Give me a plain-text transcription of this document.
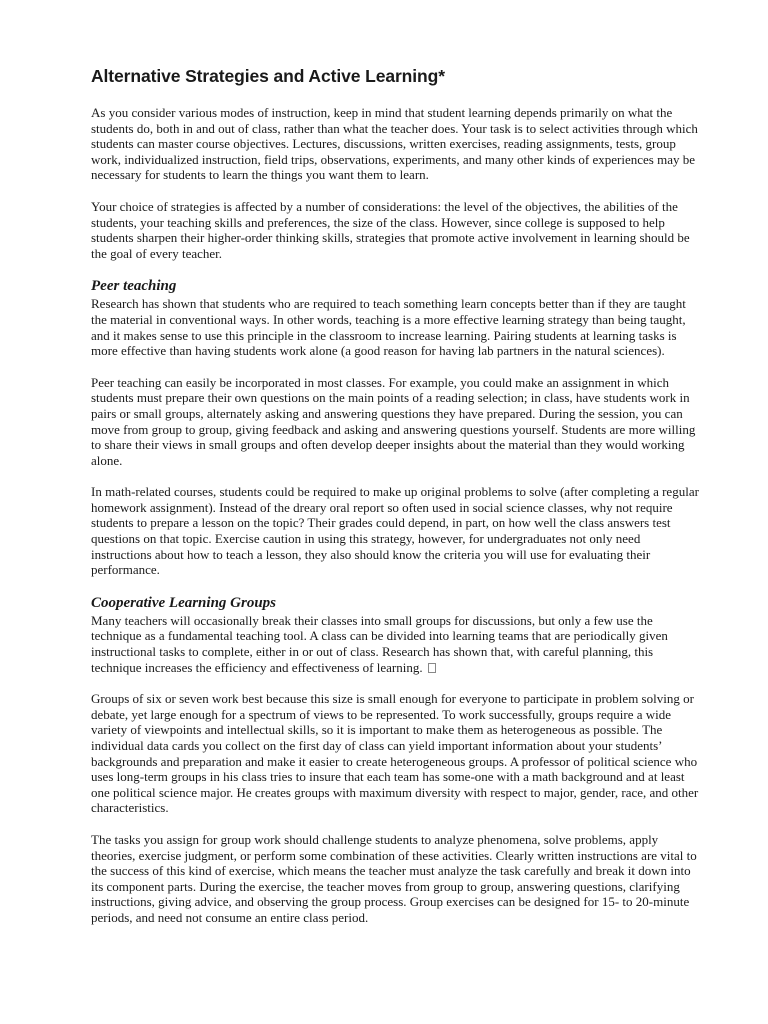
Alternative Strategies and Active Learning*

As you consider various modes of instruction, keep in mind that student learning depends primarily on what the students do, both in and out of class, rather than what the teacher does. Your task is to select activities through which students can master course objectives. Lectures, discussions, written exercises, reading assignments, tests, group work, individualized instruction, field trips, observations, experiments, and many other kinds of experiences may be necessary for students to learn the things you want them to learn.

Your choice of strategies is affected by a number of considerations: the level of the objectives, the abilities of the students, your teaching skills and preferences, the size of the class. However, since college is supposed to help students sharpen their higher-order thinking skills, strategies that promote active involvement in learning should be the goal of every teacher.

Peer teaching

Research has shown that students who are required to teach something learn concepts better than if they are taught the material in conventional ways. In other words, teaching is a more effective learning strategy than being taught, and it makes sense to use this principle in the classroom to increase learning. Pairing students at learning tasks is more effective than having students work alone (a good reason for having lab partners in the natural sciences).

Peer teaching can easily be incorporated in most classes. For example, you could make an assignment in which students must prepare their own questions on the main points of a reading selection; in class, have students work in pairs or small groups, alternately asking and answering questions they have prepared. During the session, you can move from group to group, giving feedback and asking and answering questions yourself. Students are more willing to share their views in small groups and often develop deeper insights about the material than they would working alone.

In math-related courses, students could be required to make up original problems to solve (after completing a regular homework assignment). Instead of the dreary oral report so often used in social science classes, why not require students to prepare a lesson on the topic? Their grades could depend, in part, on how well the class answers test questions on that topic. Exercise caution in using this strategy, however, for undergraduates not only need instructions about how to teach a lesson, they also should know the criteria you will use for evaluating their performance.

Cooperative Learning Groups

Many teachers will occasionally break their classes into small groups for discussions, but only a few use the technique as a fundamental teaching tool. A class can be divided into learning teams that are periodically given instructional tasks to complete, either in or out of class. Research has shown that, with careful planning, this technique increases the efficiency and effectiveness of learning.

Groups of six or seven work best because this size is small enough for everyone to participate in problem solving or debate, yet large enough for a spectrum of views to be represented. To work successfully, groups require a wide variety of viewpoints and intellectual skills, so it is important to make them as heterogeneous as possible. The individual data cards you collect on the first day of class can yield important information about your students’ backgrounds and preparation and make it easier to create heterogeneous groups. A professor of political science who uses long-term groups in his class tries to insure that each team has some-one with a math background and at least one political science major. He creates groups with maximum diversity with respect to major, gender, race, and other characteristics.

The tasks you assign for group work should challenge students to analyze phenomena, solve problems, apply theories, exercise judgment, or perform some combination of these activities. Clearly written instructions are vital to the success of this kind of exercise, which means the teacher must analyze the task carefully and break it down into its component parts. During the exercise, the teacher moves from group to group, answering questions, clarifying instructions, giving advice, and observing the group process. Group exercises can be designed for 15- to 20-minute periods, and need not consume an entire class period.
